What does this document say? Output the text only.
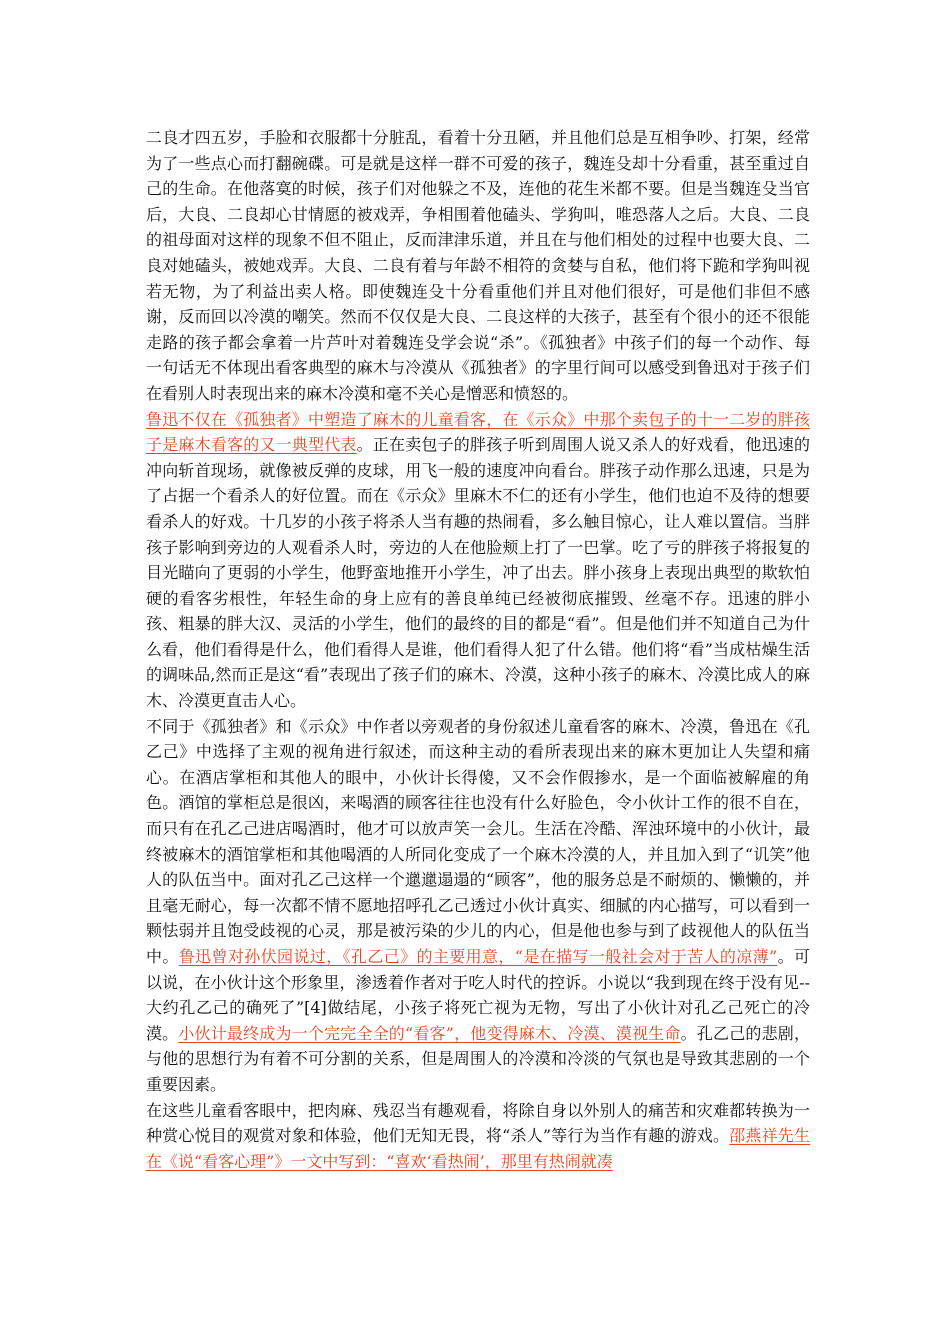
二良才四五岁，手脸和衣服都十分脏乱，看着十分丑陋，并且他们总是互相争吵、打架，经常为了一些点心而打翻碗碟。可是就是这样一群不可爱的孩子，魏连殳却十分看重，甚至重过自己的生命。在他落寞的时候，孩子们对他躲之不及，连他的花生米都不要。但是当魏连殳当官后，大良、二良却心甘情愿的被戏弄，争相围着他磕头、学狗叫，唯恐落人之后。大良、二良的祖母面对这样的现象不但不阻止，反而津津乐道，并且在与他们相处的过程中也要大良、二良对她磕头，被她戏弄。大良、二良有着与年龄不相符的贪婪与自私，他们将下跪和学狗叫视若无物，为了利益出卖人格。即使魏连殳十分看重他们并且对他们很好，可是他们非但不感谢，反而回以冷漠的嘲笑。然而不仅仅是大良、二良这样的大孩子，甚至有个很小的还不很能走路的孩子都会拿着一片芦叶对着魏连殳学会说“杀”。《孤独者》中孩子们的每一个动作、每一句话无不体现出看客典型的麻木与冷漠从《孤独者》的字里行间可以感受到鲁迅对于孩子们在看别人时表现出来的麻木冷漠和毫不关心是憎恶和愤怒的。

鲁迅不仅在《孤独者》中塑造了麻木的儿童看客，在《示众》中那个卖包子的十一二岁的胖孩子是麻木看客的又一典型代表。正在卖包子的胖孩子听到周围人说又杀人的好戏看，他迅速的冲向斩首现场，就像被反弹的皮球，用飞一般的速度冲向看台。胖孩子动作那么迅速，只是为了占据一个看杀人的好位置。而在《示众》里麻木不仁的还有小学生，他们也迫不及待的想要看杀人的好戏。十几岁的小孩子将杀人当有趣的热闹看，多么触目惊心，让人难以置信。当胖孩子影响到旁边的人观看杀人时，旁边的人在他脸颊上打了一巴掌。吃了亏的胖孩子将报复的目光瞄向了更弱的小学生，他野蛮地推开小学生，冲了出去。胖小孩身上表现出典型的欺软怕硬的看客劣根性，年轻生命的身上应有的善良单纯已经被彻底摧毁、丝毫不存。迅速的胖小孩、粗暴的胖大汉、灵活的小学生，他们的最终的目的都是“看”。但是他们并不知道自己为什么看，他们看得是什么，他们看得人是谁，他们看得人犯了什么错。他们将“看”当成枯燥生活的调味品,然而正是这“看”表现出了孩子们的麻木、冷漠，这种小孩子的麻木、冷漠比成人的麻木、冷漠更直击人心。

不同于《孤独者》和《示众》中作者以旁观者的身份叙述儿童看客的麻木、冷漠，鲁迅在《孔乙己》中选择了主观的视角进行叙述，而这种主动的看所表现出来的麻木更加让人失望和痛心。在酒店掌柜和其他人的眼中，小伙计长得傻，又不会作假掺水，是一个面临被解雇的角色。酒馆的掌柜总是很凶，来喝酒的顾客往往也没有什么好脸色，令小伙计工作的很不自在，而只有在孔乙己进店喝酒时，他才可以放声笑一会儿。生活在冷酷、浑浊环境中的小伙计，最终被麻木的酒馆掌柜和其他喝酒的人所同化变成了一个麻木冷漠的人，并且加入到了“讥笑”他人的队伍当中。面对孔乙己这样一个邋邋遢遢的“顾客”，他的服务总是不耐烦的、懒懒的，并且毫无耐心，每一次都不情不愿地招呼孔乙己透过小伙计真实、细腻的内心描写，可以看到一颗怯弱并且饱受歧视的心灵，那是被污染的少儿的内心，但是他也参与到了歧视他人的队伍当中。鲁迅曾对孙伏园说过，《孔乙己》的主要用意，“是在描写一般社会对于苦人的凉薄”。可以说，在小伙计这个形象里，渗透着作者对于吃人时代的控诉。小说以“我到现在终于没有见--大约孔乙己的确死了”[4]做结尾，小孩子将死亡视为无物，写出了小伙计对孔乙己死亡的冷漠。小伙计最终成为一个完完全全的“看客”，他变得麻木、冷漠、漠视生命。孔乙己的悲剧，与他的思想行为有着不可分割的关系，但是周围人的冷漠和冷淡的气氛也是导致其悲剧的一个重要因素。

在这些儿童看客眼中，把肉麻、残忍当有趣观看，将除自身以外别人的痛苦和灾难都转换为一种赏心悦目的观赏对象和体验，他们无知无畏，将“杀人”等行为当作有趣的游戏。邵燕祥先生在《说“看客心理”》一文中写到：“喜欢‘看热闹’，那里有热闹就凑
